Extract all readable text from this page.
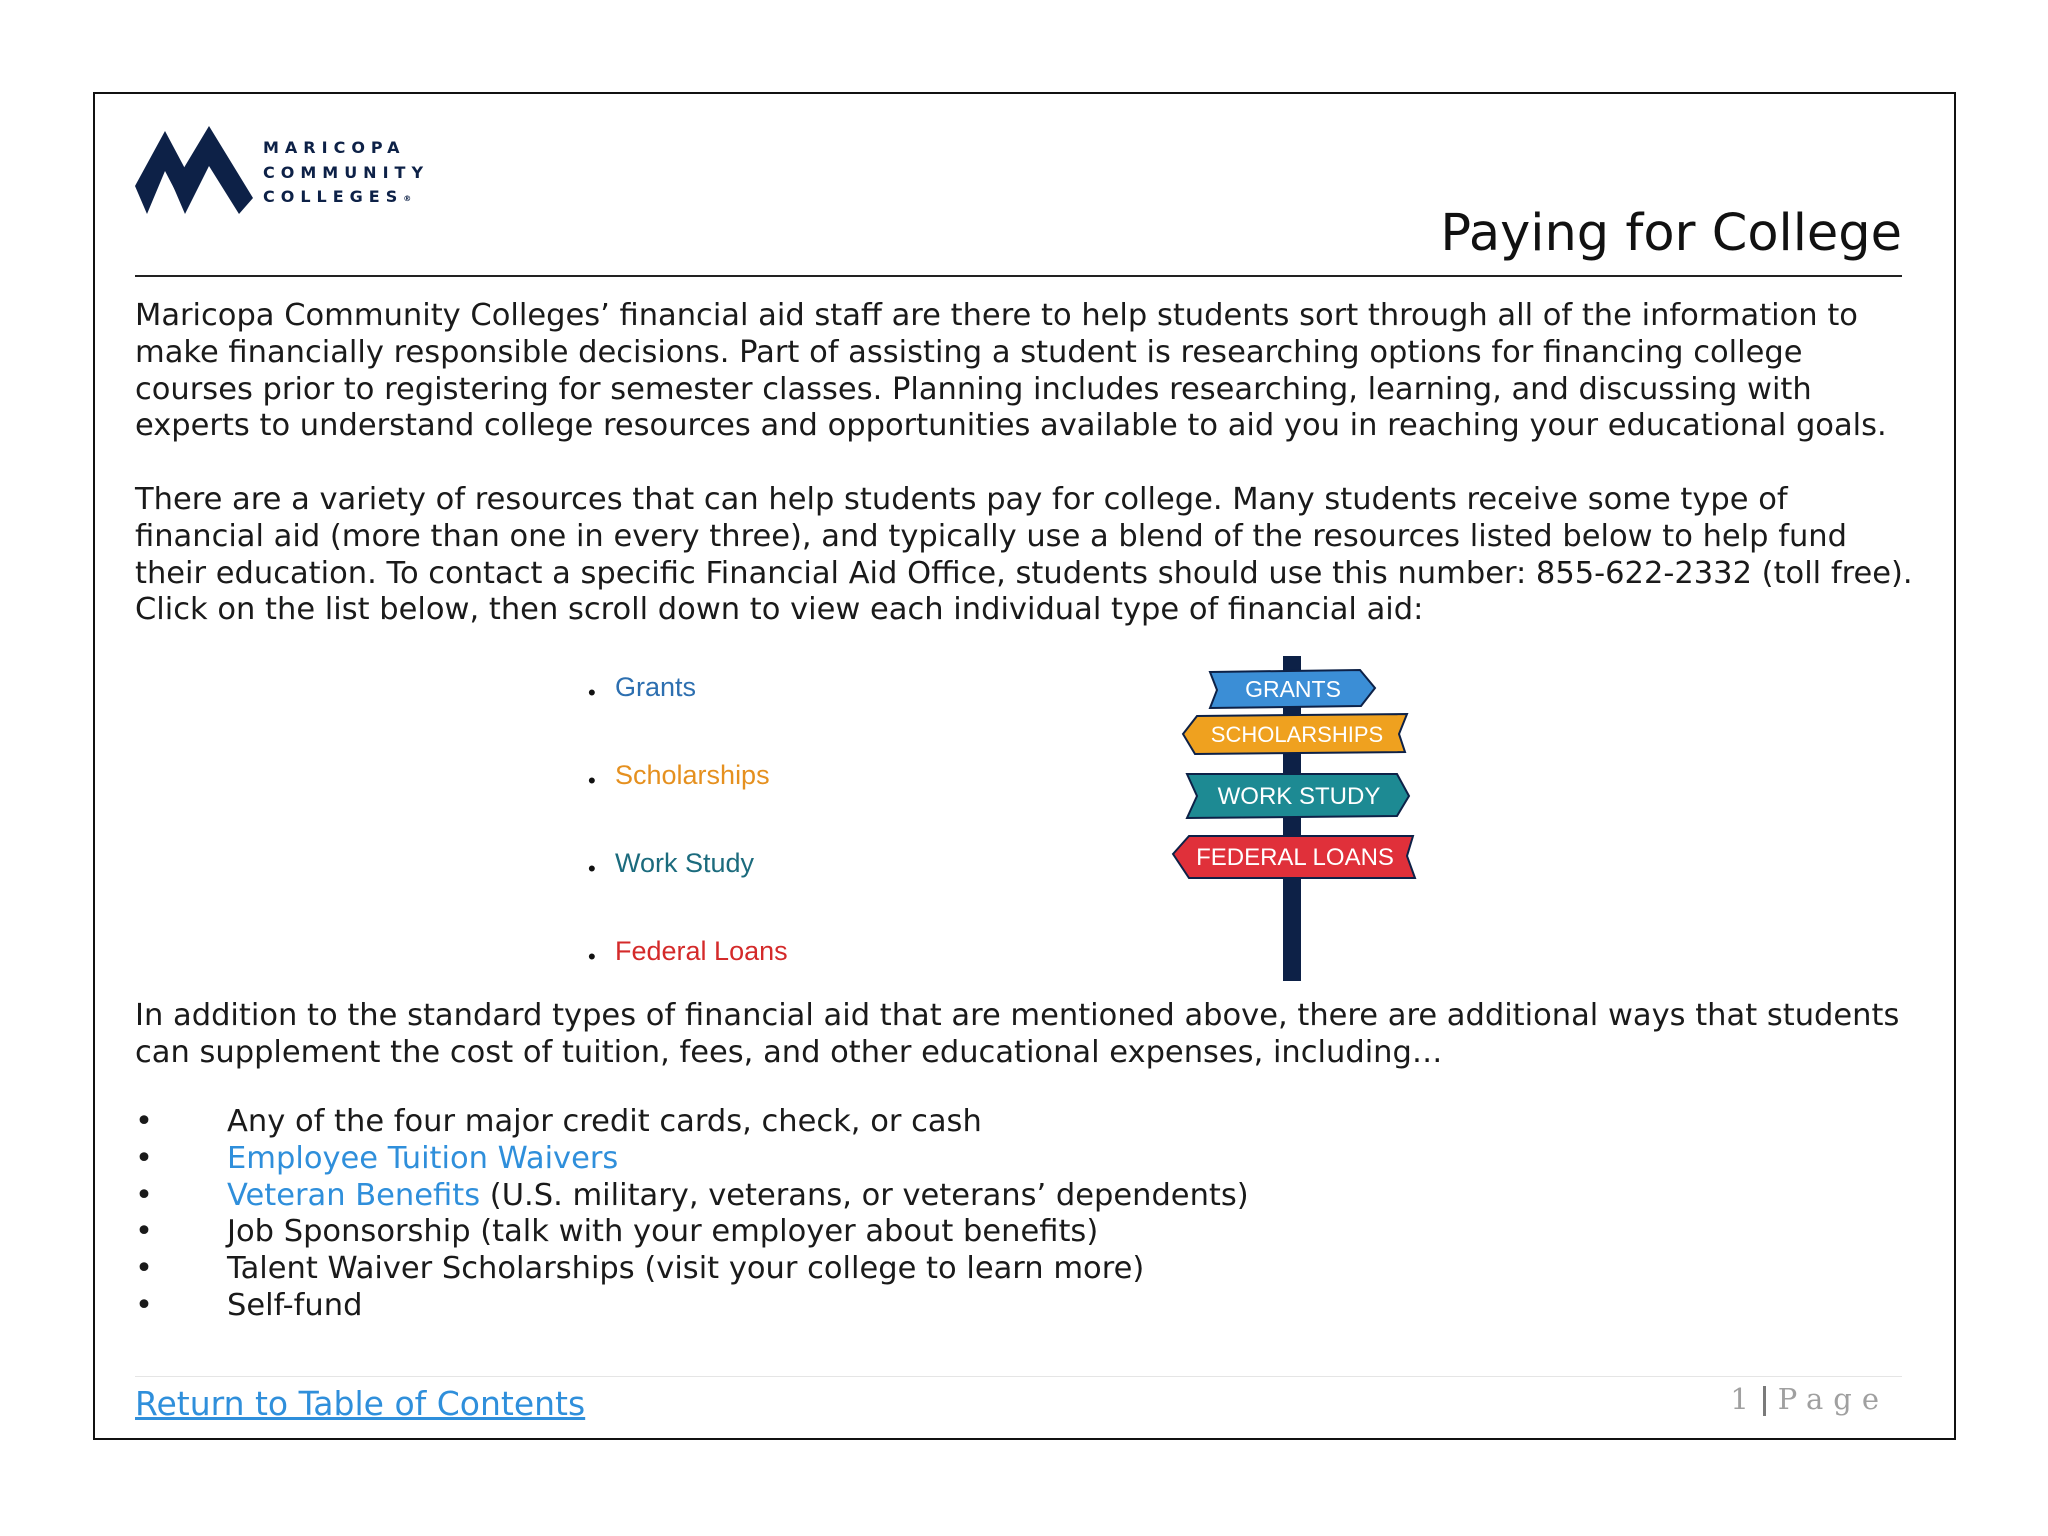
MARICOPA
COMMUNITY
COLLEGES®
Paying for College

Maricopa Community Colleges’ financial aid staff are there to help students sort through all of the information to make financially responsible decisions. Part of assisting a student is researching options for financing college courses prior to registering for semester classes. Planning includes researching, learning, and discussing with experts to understand college resources and opportunities available to aid you in reaching your educational goals.

There are a variety of resources that can help students pay for college. Many students receive some type of financial aid (more than one in every three), and typically use a blend of the resources listed below to help fund their education. To contact a specific Financial Aid Office, students should use this number: 855-622-2332 (toll free). Click on the list below, then scroll down to view each individual type of financial aid:

• Grants
• Scholarships
• Work Study
• Federal Loans
GRANTS
SCHOLARSHIPS
WORK STUDY
FEDERAL LOANS

In addition to the standard types of financial aid that are mentioned above, there are additional ways that students can supplement the cost of tuition, fees, and other educational expenses, including…

• Any of the four major credit cards, check, or cash
• Employee Tuition Waivers
• Veteran Benefits (U.S. military, veterans, or veterans’ dependents)
• Job Sponsorship (talk with your employer about benefits)
• Talent Waiver Scholarships (visit your college to learn more)
• Self-fund
Return to Table of Contents	1 Page
